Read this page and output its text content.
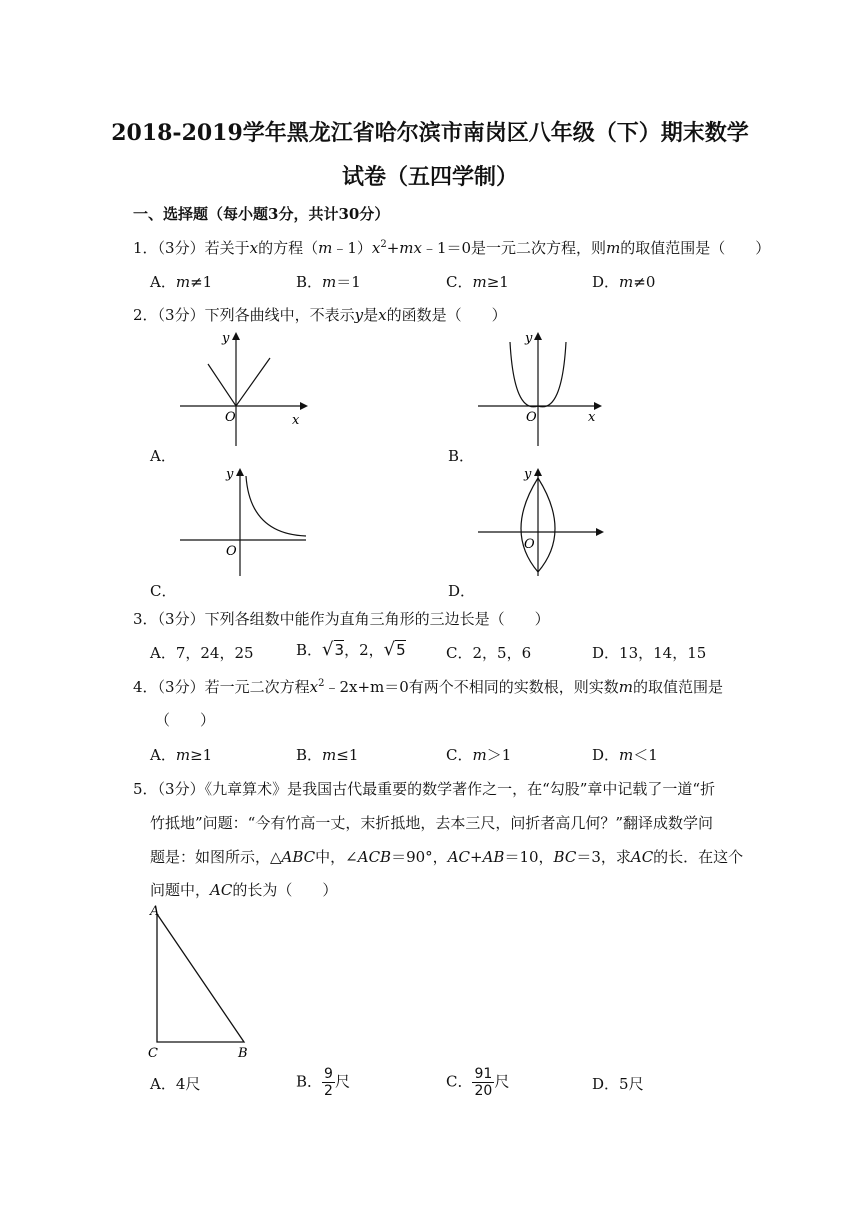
2018-2019学年黑龙江省哈尔滨市南岗区八年级（下）期末数学
试卷（五四学制）
一、选择题（每小题3分，共计30分）
1．（3分）若关于x的方程$(m﹣1)x^2+mx﹣1=0$是一元二次方程，则m的取值范围是（　　）
A．m≠1	B．m＝1	C．m≥1	D．m≠0
2．（3分）下列各曲线中，不表示y是x的函数是（　　）
y
x
O
A．
y
x
O
B．
y
O
C．
y
O
D．
3．（3分）下列各组数中能作为直角三角形的三边长是（　　）
A．7，24，25	B．√3，2，√5	C．2，5，6	D．13，14，15
4．（3分）若一元二次方程$x^2﹣2x+m=0$有两个不相同的实数根，则实数m的取值范围是
（　　）
A．m≥1	B．m≤1	C．m＞1	D．m＜1
5．（3分）《九章算术》是我国古代最重要的数学著作之一，在“勾股”章中记载了一道“折
竹抵地”问题：“今有竹高一丈，末折抵地，去本三尺，问折者高几何？”翻译成数学问
题是：如图所示，△ABC中，∠ACB＝90°，AC+AB＝10，BC＝3，求AC的长．在这个
问题中，AC的长为（　　）
A
C	B
A．4尺	B． $\frac{9}{2}$ 尺	C． $\frac{91}{20}$ 尺	D．5尺
